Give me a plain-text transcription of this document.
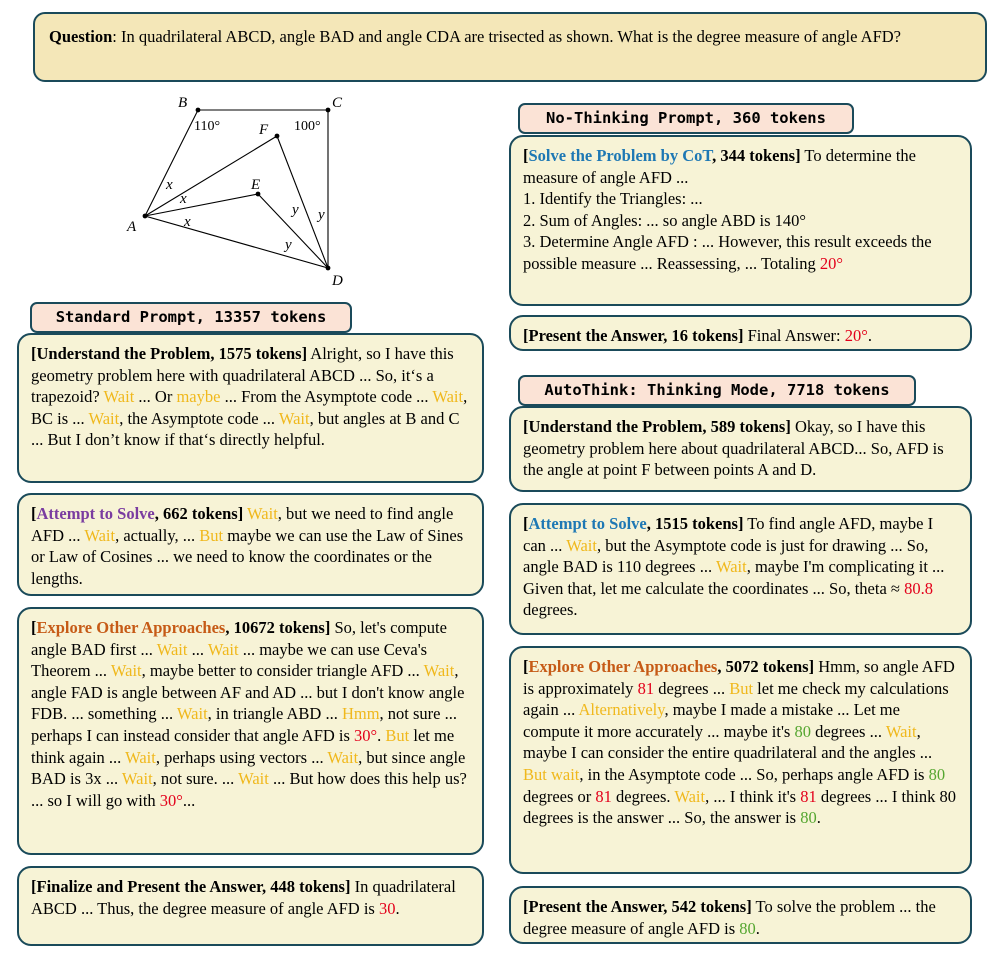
Question: In quadrilateral ABCD, angle BAD and angle CDA are trisected as shown. What is the degree measure of angle AFD?
A
B	C
D
E
F
x
x
x
y y
y
110°	100°
Standard Prompt, 13357 tokens
No-Thinking Prompt, 360 tokens
AutoThink: Thinking Mode, 7718 tokens
[Understand the Problem, 1575 tokens] Alright, so I have this geometry problem here with quadrilateral ABCD ... So, it‘s a trapezoid? Wait ... Or maybe ... From the Asymptote code ... Wait, BC is ... Wait, the Asymptote code ... Wait, but angles at B and C ... But I don’t know if that‘s directly helpful.
[Attempt to Solve, 662 tokens] Wait, but we need to find angle AFD ... Wait, actually, ... But maybe we can use the Law of Sines or Law of Cosines ... we need to know the coordinates or the lengths.
[Explore Other Approaches, 10672 tokens] So, let's compute angle BAD first ... Wait ... Wait ... maybe we can use Ceva's Theorem ... Wait, maybe better to consider triangle AFD ... Wait, angle FAD is angle between AF and AD ... but I don't know angle FDB. ... something ... Wait, in triangle ABD ... Hmm, not sure ... perhaps I can instead consider that angle AFD is 30°. But let me think again ... Wait, perhaps using vectors ... Wait, but since angle BAD is 3x ... Wait, not sure. ... Wait ... But how does this help us? ... so I will go with 30°...
[Finalize and Present the Answer, 448 tokens] In quadrilateral ABCD ... Thus, the degree measure of angle AFD is 30.
[Solve the Problem by CoT, 344 tokens] To determine the measure of angle AFD ...
1. Identify the Triangles: ...
2. Sum of Angles: ... so angle ABD is 140°
3. Determine Angle AFD : ... However, this result exceeds the possible measure ... Reassessing, ... Totaling 20°
[Present the Answer, 16 tokens] Final Answer: 20°.
[Understand the Problem, 589 tokens] Okay, so I have this geometry problem here about quadrilateral ABCD... So, AFD is the angle at point F between points A and D.
[Attempt to Solve, 1515 tokens] To find angle AFD, maybe I can ... Wait, but the Asymptote code is just for drawing ... So, angle BAD is 110 degrees ... Wait, maybe I'm complicating it ... Given that, let me calculate the coordinates ... So, theta ≈ 80.8 degrees.
[Explore Other Approaches, 5072 tokens] Hmm, so angle AFD is approximately 81 degrees ... But let me check my calculations again ... Alternatively, maybe I made a mistake ... Let me compute it more accurately ... maybe it's 80 degrees ... Wait, maybe I can consider the entire quadrilateral and the angles ... But wait, in the Asymptote code ... So, perhaps angle AFD is 80 degrees or 81 degrees. Wait, ... I think it's 81 degrees ... I think 80 degrees is the answer ... So, the answer is 80.
[Present the Answer, 542 tokens] To solve the problem ... the degree measure of angle AFD is 80.
